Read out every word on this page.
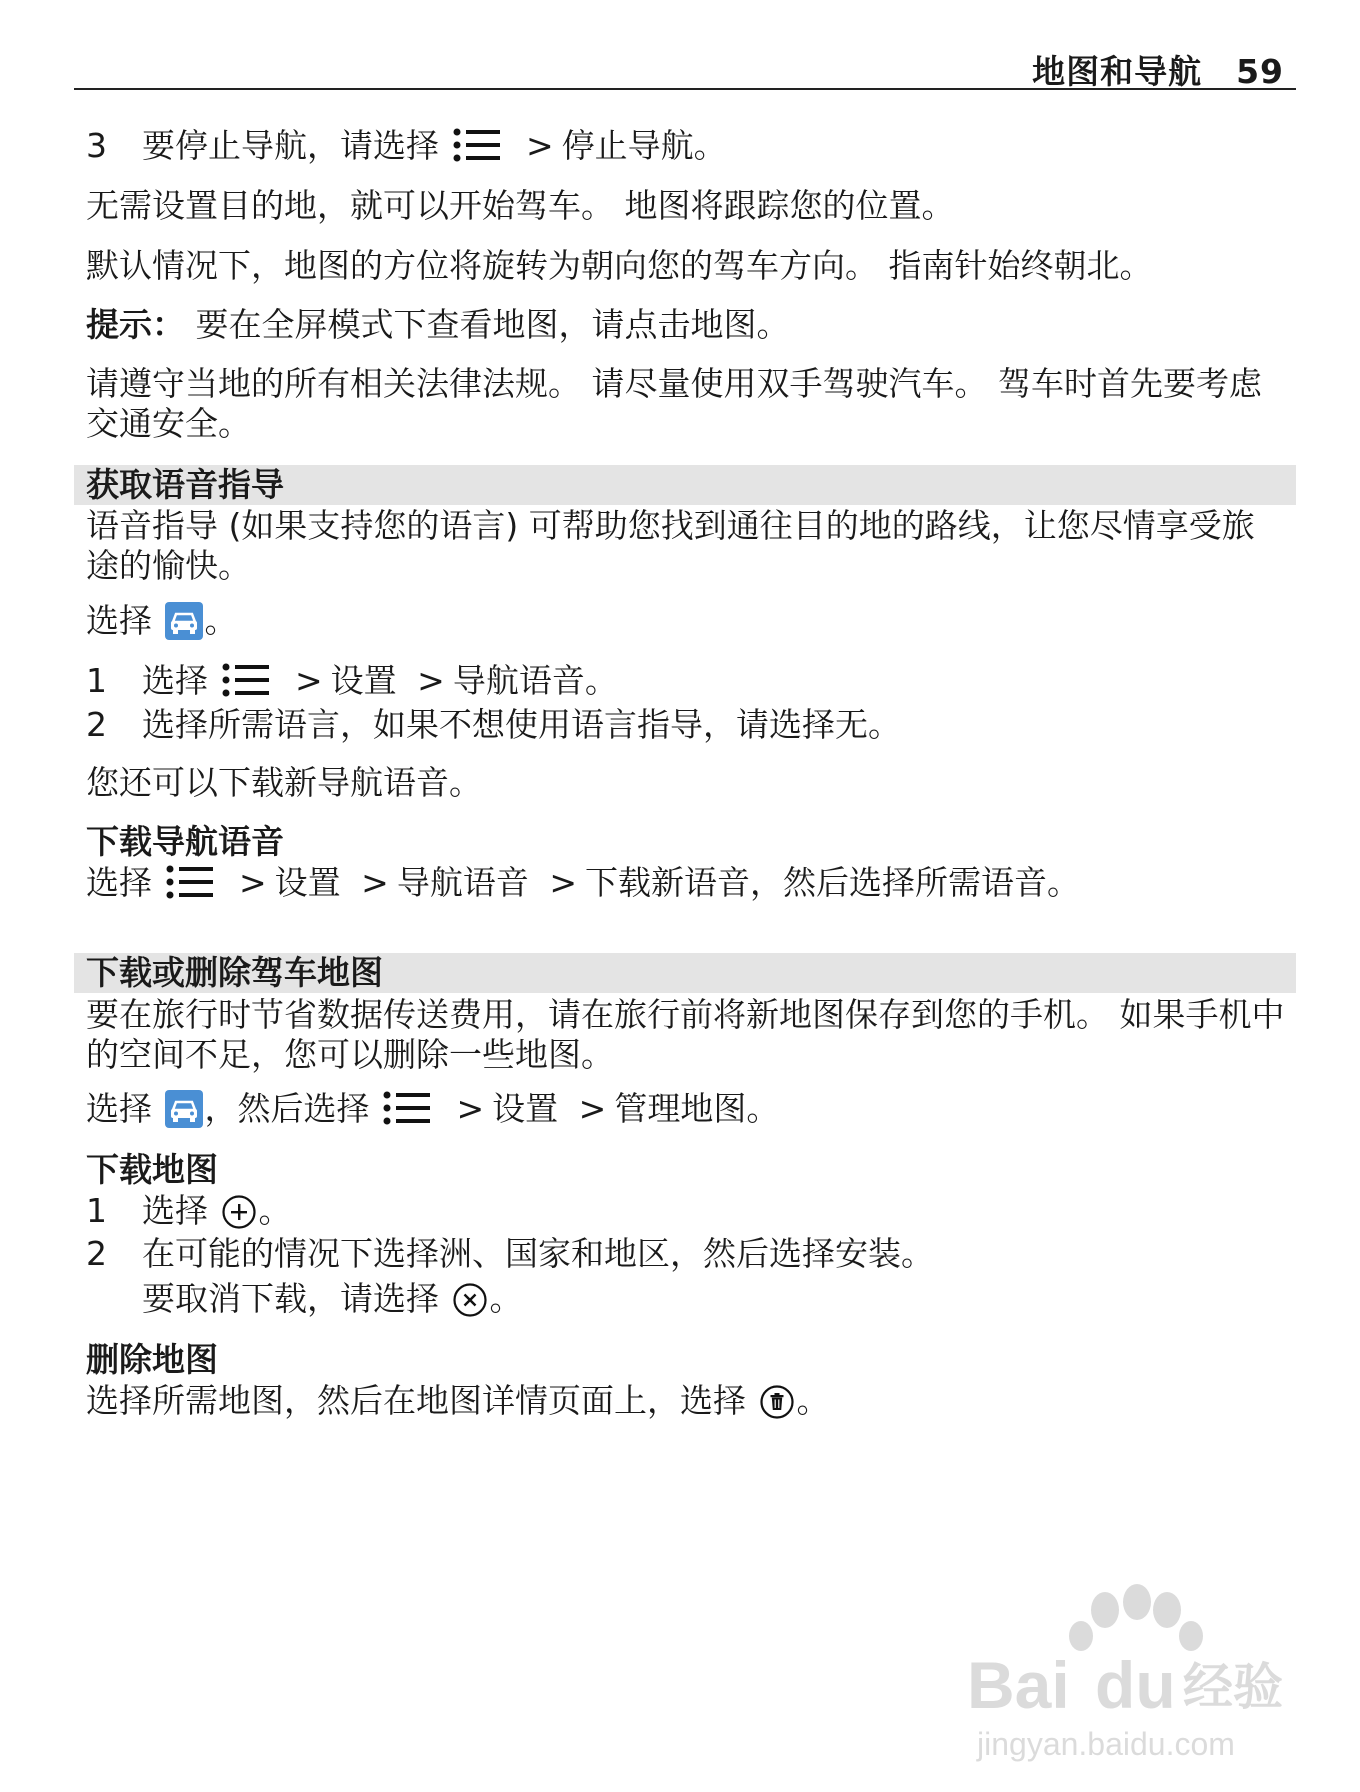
地图和导航 59
3 要停止导航，请选择	> 停止导航。
无需设置目的地，就可以开始驾车。 地图将跟踪您的位置。
默认情况下，地图的方位将旋转为朝向您的驾车方向。 指南针始终朝北。
提示： 要在全屏模式下查看地图，请点击地图。
请遵守当地的所有相关法律法规。 请尽量使用双手驾驶汽车。 驾车时首先要考虑交通安全。
获取语音指导
语音指导 (如果支持您的语言) 可帮助您找到通往目的地的路线，让您尽情享受旅途的愉快。
选择 。
1 选择	> 设置 > 导航语音。
2 选择所需语言，如果不想使用语言指导，请选择无。
您还可以下载新导航语音。
下载导航语音
选择	> 设置 > 导航语音 > 下载新语音，然后选择所需语音。
下载或删除驾车地图
要在旅行时节省数据传送费用，请在旅行前将新地图保存到您的手机。 如果手机中的空间不足，您可以删除一些地图。
选择 ，然后选择	> 设置 > 管理地图。
下载地图
1 选择 。
2 在可能的情况下选择洲、国家和地区，然后选择安装。
要取消下载，请选择 。
删除地图
选择所需地图，然后在地图详情页面上，选择 。
Bai du 经验
jingyan.baidu.com
